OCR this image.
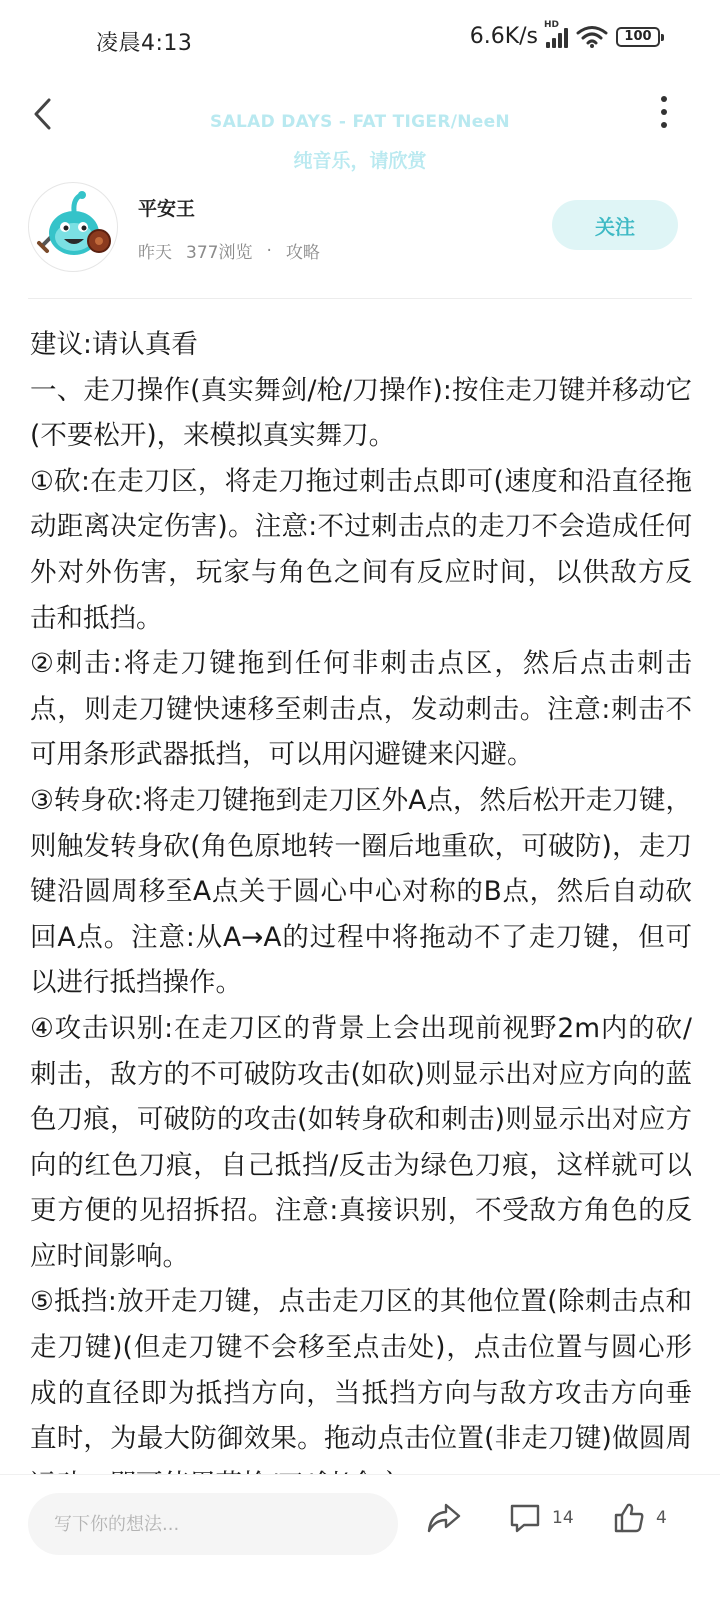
凌晨4:13	6.6K/s HD
100
SALAD DAYS - FAT TIGER/NeeN
纯音乐，请欣赏
平安王
昨天 377浏览 · 攻略
关注

建议:请认真看

一、走刀操作(真实舞剑/枪/刀操作):按住走刀键并移动它(不要松开)，来模拟真实舞刀。

①砍:在走刀区，将走刀拖过刺击点即可(速度和沿直径拖动距离决定伤害)。注意:不过刺击点的走刀不会造成任何外对外伤害，玩家与角色之间有反应时间，以供敌方反击和抵挡。

②刺击:将走刀键拖到任何非刺击点区，然后点击刺击点，则走刀键快速移至刺击点，发动刺击。注意:刺击不可用条形武器抵挡，可以用闪避键来闪避。

③转身砍:将走刀键拖到走刀区外A点，然后松开走刀键，则触发转身砍(角色原地转一圈后地重砍，可破防)，走刀键沿圆周移至A点关于圆心中心对称的B点，然后自动砍回A点。注意:从A→A的过程中将拖动不了走刀键，但可以进行抵挡操作。

④攻击识别:在走刀区的背景上会出现前视野2m内的砍/刺击，敌方的不可破防攻击(如砍)则显示出对应方向的蓝色刀痕，可破防的攻击(如转身砍和刺击)则显示出对应方向的红色刀痕，自己抵挡/反击为绿色刀痕，这样就可以更方便的见招拆招。注意:真接识别，不受敌方角色的反应时间影响。

⑤抵挡:放开走刀键，点击走刀区的其他位置(除刺击点和走刀键)(但走刀键不会移至点击处)，点击位置与圆心形成的直径即为抵挡方向，当抵挡方向与敌方攻击方向垂直时，为最大防御效果。拖动点击位置(非走刀键)做圆周

写下你的想法...
14	4
